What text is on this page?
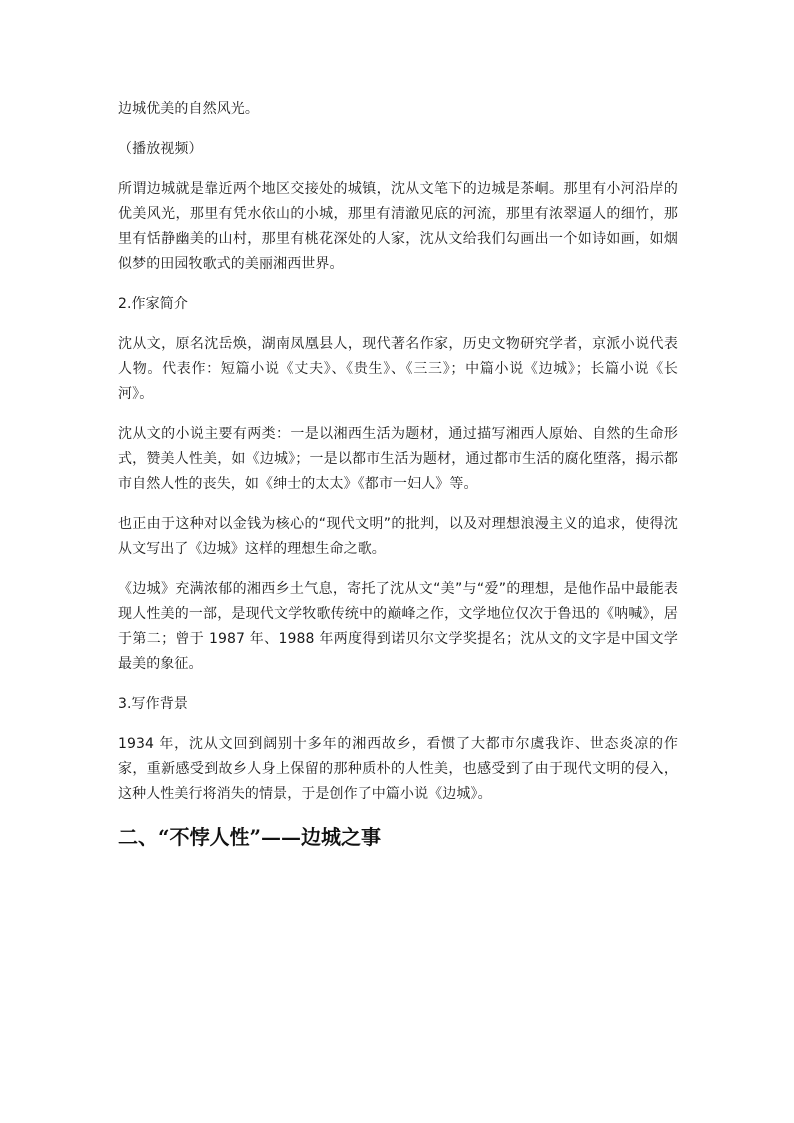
边城优美的自然风光。

（播放视频）

所谓边城就是靠近两个地区交接处的城镇，沈从文笔下的边城是茶峒。那里有小河沿岸的优美风光，那里有凭水依山的小城，那里有清澈见底的河流，那里有浓翠逼人的细竹，那里有恬静幽美的山村，那里有桃花深处的人家，沈从文给我们勾画出一个如诗如画，如烟似梦的田园牧歌式的美丽湘西世界。

2.作家简介

沈从文，原名沈岳焕，湖南凤凰县人，现代著名作家，历史文物研究学者，京派小说代表人物。代表作：短篇小说《丈夫》、《贵生》、《三三》；中篇小说《边城》；长篇小说《长河》。

沈从文的小说主要有两类：一是以湘西生活为题材，通过描写湘西人原始、自然的生命形式，赞美人性美，如《边城》；一是以都市生活为题材，通过都市生活的腐化堕落，揭示都市自然人性的丧失，如《绅士的太太》《都市一妇人》等。

也正由于这种对以金钱为核心的“现代文明”的批判，以及对理想浪漫主义的追求，使得沈从文写出了《边城》这样的理想生命之歌。

《边城》充满浓郁的湘西乡土气息，寄托了沈从文“美”与“爱”的理想，是他作品中最能表现人性美的一部，是现代文学牧歌传统中的巅峰之作，文学地位仅次于鲁迅的《呐喊》，居于第二；曾于 1987 年、1988 年两度得到诺贝尔文学奖提名；沈从文的文字是中国文学最美的象征。

3.写作背景

1934 年，沈从文回到阔别十多年的湘西故乡，看惯了大都市尔虞我诈、世态炎凉的作家，重新感受到故乡人身上保留的那种质朴的人性美，也感受到了由于现代文明的侵入，这种人性美行将消失的情景，于是创作了中篇小说《边城》。

二、“不悖人性”——边城之事
